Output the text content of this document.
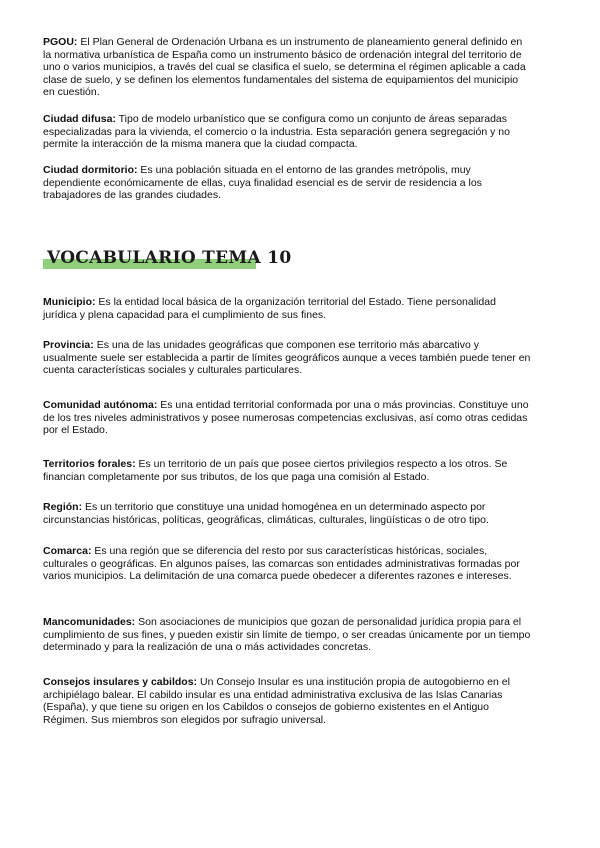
PGOU: El Plan General de Ordenación Urbana es un instrumento de planeamiento general definido en la normativa urbanística de España como un instrumento básico de ordenación integral del territorio de uno o varios municipios, a través del cual se clasifica el suelo, se determina el régimen aplicable a cada clase de suelo, y se definen los elementos fundamentales del sistema de equipamientos del municipio en cuestión.

Ciudad difusa: Tipo de modelo urbanístico que se configura como un conjunto de áreas separadas especializadas para la vivienda, el comercio o la industria. Esta separación genera segregación y no permite la interacción de la misma manera que la ciudad compacta.

Ciudad dormitorio: Es una población situada en el entorno de las grandes metrópolis, muy dependiente económicamente de ellas, cuya finalidad esencial es de servir de residencia a los trabajadores de las grandes ciudades.

VOCABULARIO TEMA 10

Municipio: Es la entidad local básica de la organización territorial del Estado. Tiene personalidad jurídica y plena capacidad para el cumplimiento de sus fines.

Provincia: Es una de las unidades geográficas que componen ese territorio más abarcativo y usualmente suele ser establecida a partir de límites geográficos aunque a veces también puede tener en cuenta características sociales y culturales particulares.

Comunidad autónoma: Es una entidad territorial conformada por una o más provincias. Constituye uno de los tres niveles administrativos y posee numerosas competencias exclusivas, así como otras cedidas por el Estado.

Territorios forales: Es un territorio de un país que posee ciertos privilegios respecto a los otros. Se financian completamente por sus tributos, de los que paga una comisión al Estado.

Región: Es un territorio que constituye una unidad homogénea en un determinado aspecto por circunstancias históricas, políticas, geográficas, climáticas, culturales, lingüísticas o de otro tipo.

Comarca: Es una región que se diferencia del resto por sus características históricas, sociales, culturales o geográficas. En algunos países, las comarcas son entidades administrativas formadas por varios municipios. La delimitación de una comarca puede obedecer a diferentes razones e intereses.

Mancomunidades: Son asociaciones de municipios que gozan de personalidad jurídica propia para el cumplimiento de sus fines, y pueden existir sin límite de tiempo, o ser creadas únicamente por un tiempo determinado y para la realización de una o más actividades concretas.

Consejos insulares y cabildos: Un Consejo Insular es una institución propia de autogobierno en el archipiélago balear. El cabildo insular es una entidad administrativa exclusiva de las Islas Canarias (España), y que tiene su origen en los Cabildos o consejos de gobierno existentes en el Antiguo Régimen. Sus miembros son elegidos por sufragio universal.
